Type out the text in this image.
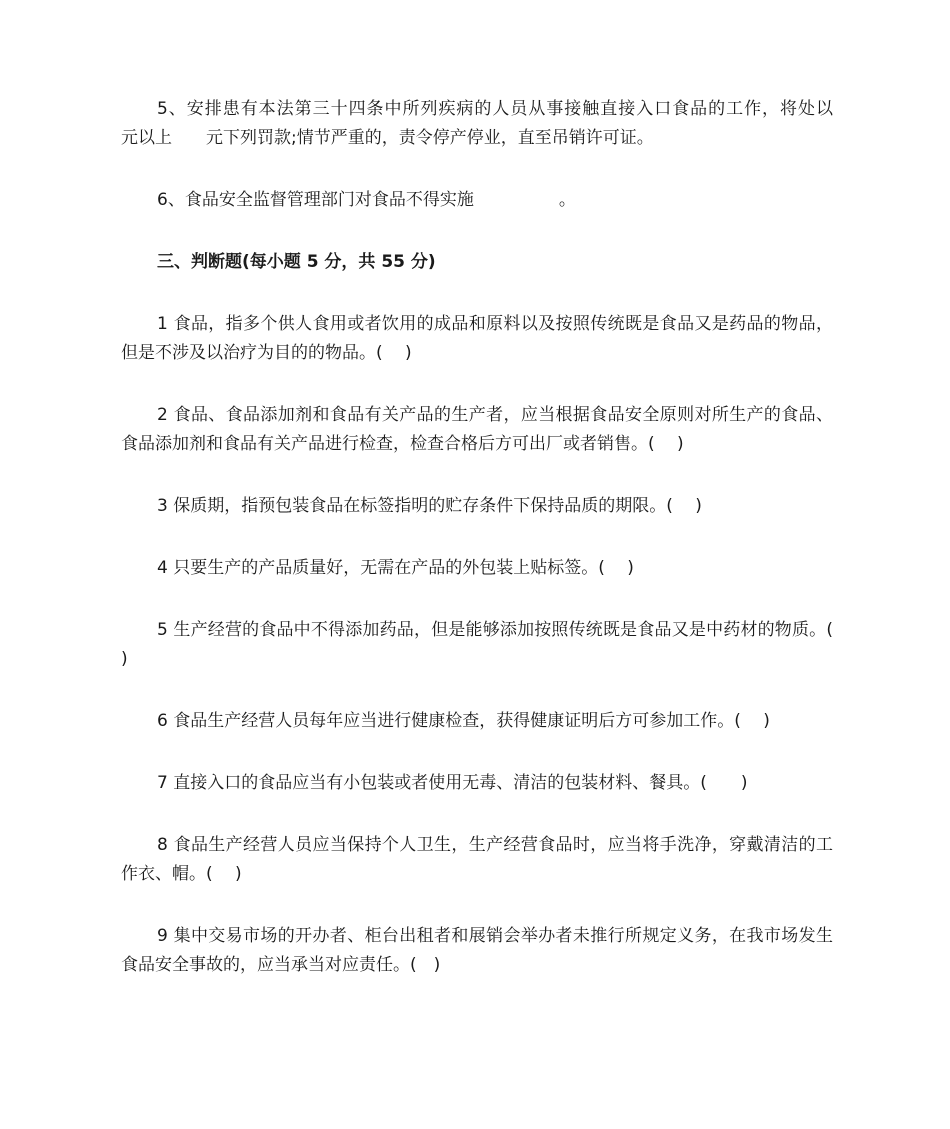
5、安排患有本法第三十四条中所列疾病的人员从事接触直接入口食品的工作，将处以　　　元以上　　元下列罚款;情节严重的，责令停产停业，直至吊销许可证。

6、食品安全监督管理部门对食品不得实施　　　　　。

三、判断题(每小题 5 分，共 55 分)

1 食品，指多个供人食用或者饮用的成品和原料以及按照传统既是食品又是药品的物品，但是不涉及以治疗为目的的物品。(　 )

2 食品、食品添加剂和食品有关产品的生产者，应当根据食品安全原则对所生产的食品、食品添加剂和食品有关产品进行检查，检查合格后方可出厂或者销售。(　 )

3 保质期，指预包装食品在标签指明的贮存条件下保持品质的期限。(　 )

4 只要生产的产品质量好，无需在产品的外包装上贴标签。(　 )

5 生产经营的食品中不得添加药品，但是能够添加按照传统既是食品又是中药材的物质。(　　)

6 食品生产经营人员每年应当进行健康检查，获得健康证明后方可参加工作。(　 )

7 直接入口的食品应当有小包装或者使用无毒、清洁的包装材料、餐具。(　　)

8 食品生产经营人员应当保持个人卫生，生产经营食品时，应当将手洗净，穿戴清洁的工作衣、帽。(　 )

9 集中交易市场的开办者、柜台出租者和展销会举办者未推行所规定义务，在我市场发生食品安全事故的，应当承当对应责任。(　)
